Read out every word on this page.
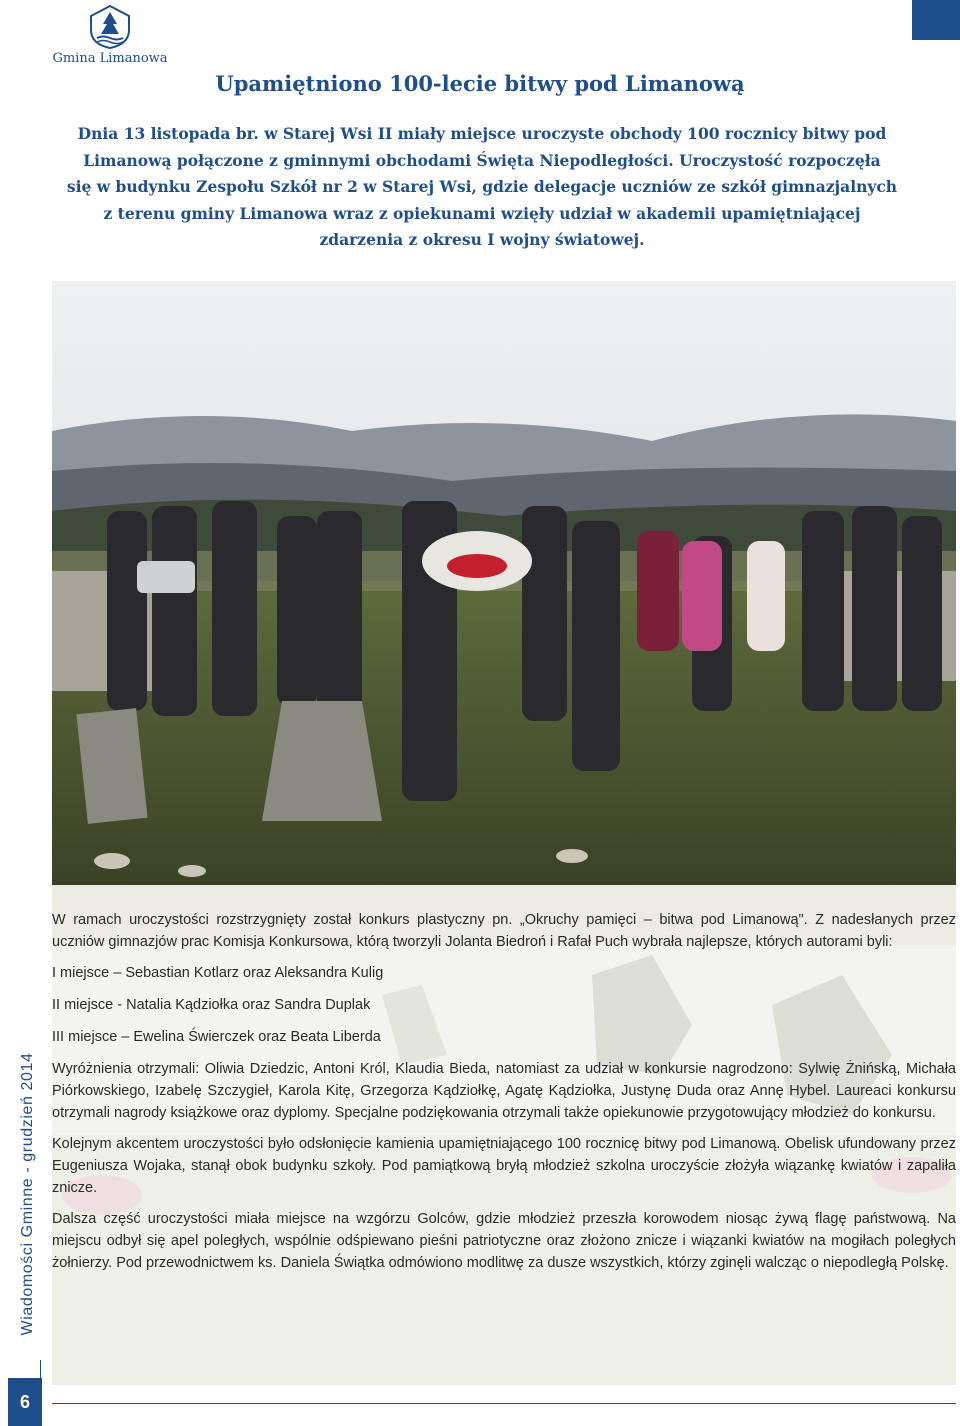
Gmina Limanowa
Upamiętniono 100-lecie bitwy pod Limanową

Dnia 13 listopada br. w Starej Wsi II miały miejsce uroczyste obchody 100 rocznicy bitwy pod
Limanową połączone z gminnymi obchodami Święta Niepodległości. Uroczystość rozpoczęła
się w budynku Zespołu Szkół nr 2 w Starej Wsi, gdzie delegacje uczniów ze szkół gimnazjalnych
z terenu gminy Limanowa wraz z opiekunami wzięły udział w akademii upamiętniającej
zdarzenia z okresu I wojny światowej.

W ramach uroczystości rozstrzygnięty został konkurs plastyczny pn. „Okruchy pamięci – bitwa pod Limanową". Z nadesłanych przez uczniów gimnazjów prac Komisja Konkursowa, którą tworzyli Jolanta Biedroń i Rafał Puch wybrała najlepsze, których autorami byli:

I miejsce – Sebastian Kotlarz oraz Aleksandra Kulig

II miejsce - Natalia Kądziołka oraz Sandra Duplak

III miejsce – Ewelina Świerczek oraz Beata Liberda

Wyróżnienia otrzymali: Oliwia Dziedzic, Antoni Król, Klaudia Bieda, natomiast za udział w konkursie nagrodzono: Sylwię Żnińską, Michała Piórkowskiego, Izabelę Szczygieł, Karola Kitę, Grzegorza Kądziołkę, Agatę Kądziołka, Justynę Duda oraz Annę Hybel. Laureaci konkursu otrzymali nagrody książkowe oraz dyplomy. Specjalne podziękowania otrzymali także opiekunowie przygotowujący młodzież do konkursu.

Kolejnym akcentem uroczystości było odsłonięcie kamienia upamiętniającego 100 rocznicę bitwy pod Limanową. Obelisk ufundowany przez Eugeniusza Wojaka, stanął obok budynku szkoły. Pod pamiątkową bryłą młodzież szkolna uroczyście złożyła wiązankę kwiatów i zapaliła znicze.

Dalsza część uroczystości miała miejsce na wzgórzu Golców, gdzie młodzież przeszła korowodem niosąc żywą flagę państwową. Na miejscu odbył się apel poległych, wspólnie odśpiewano pieśni patriotyczne oraz złożono znicze i wiązanki kwiatów na mogiłach poległych żołnierzy. Pod przewodnictwem ks. Daniela Świątka odmówiono modlitwę za dusze wszystkich, którzy zginęli walcząc o niepodległą Polskę.

Wiadomości Gminne - grudzień 2014
6
